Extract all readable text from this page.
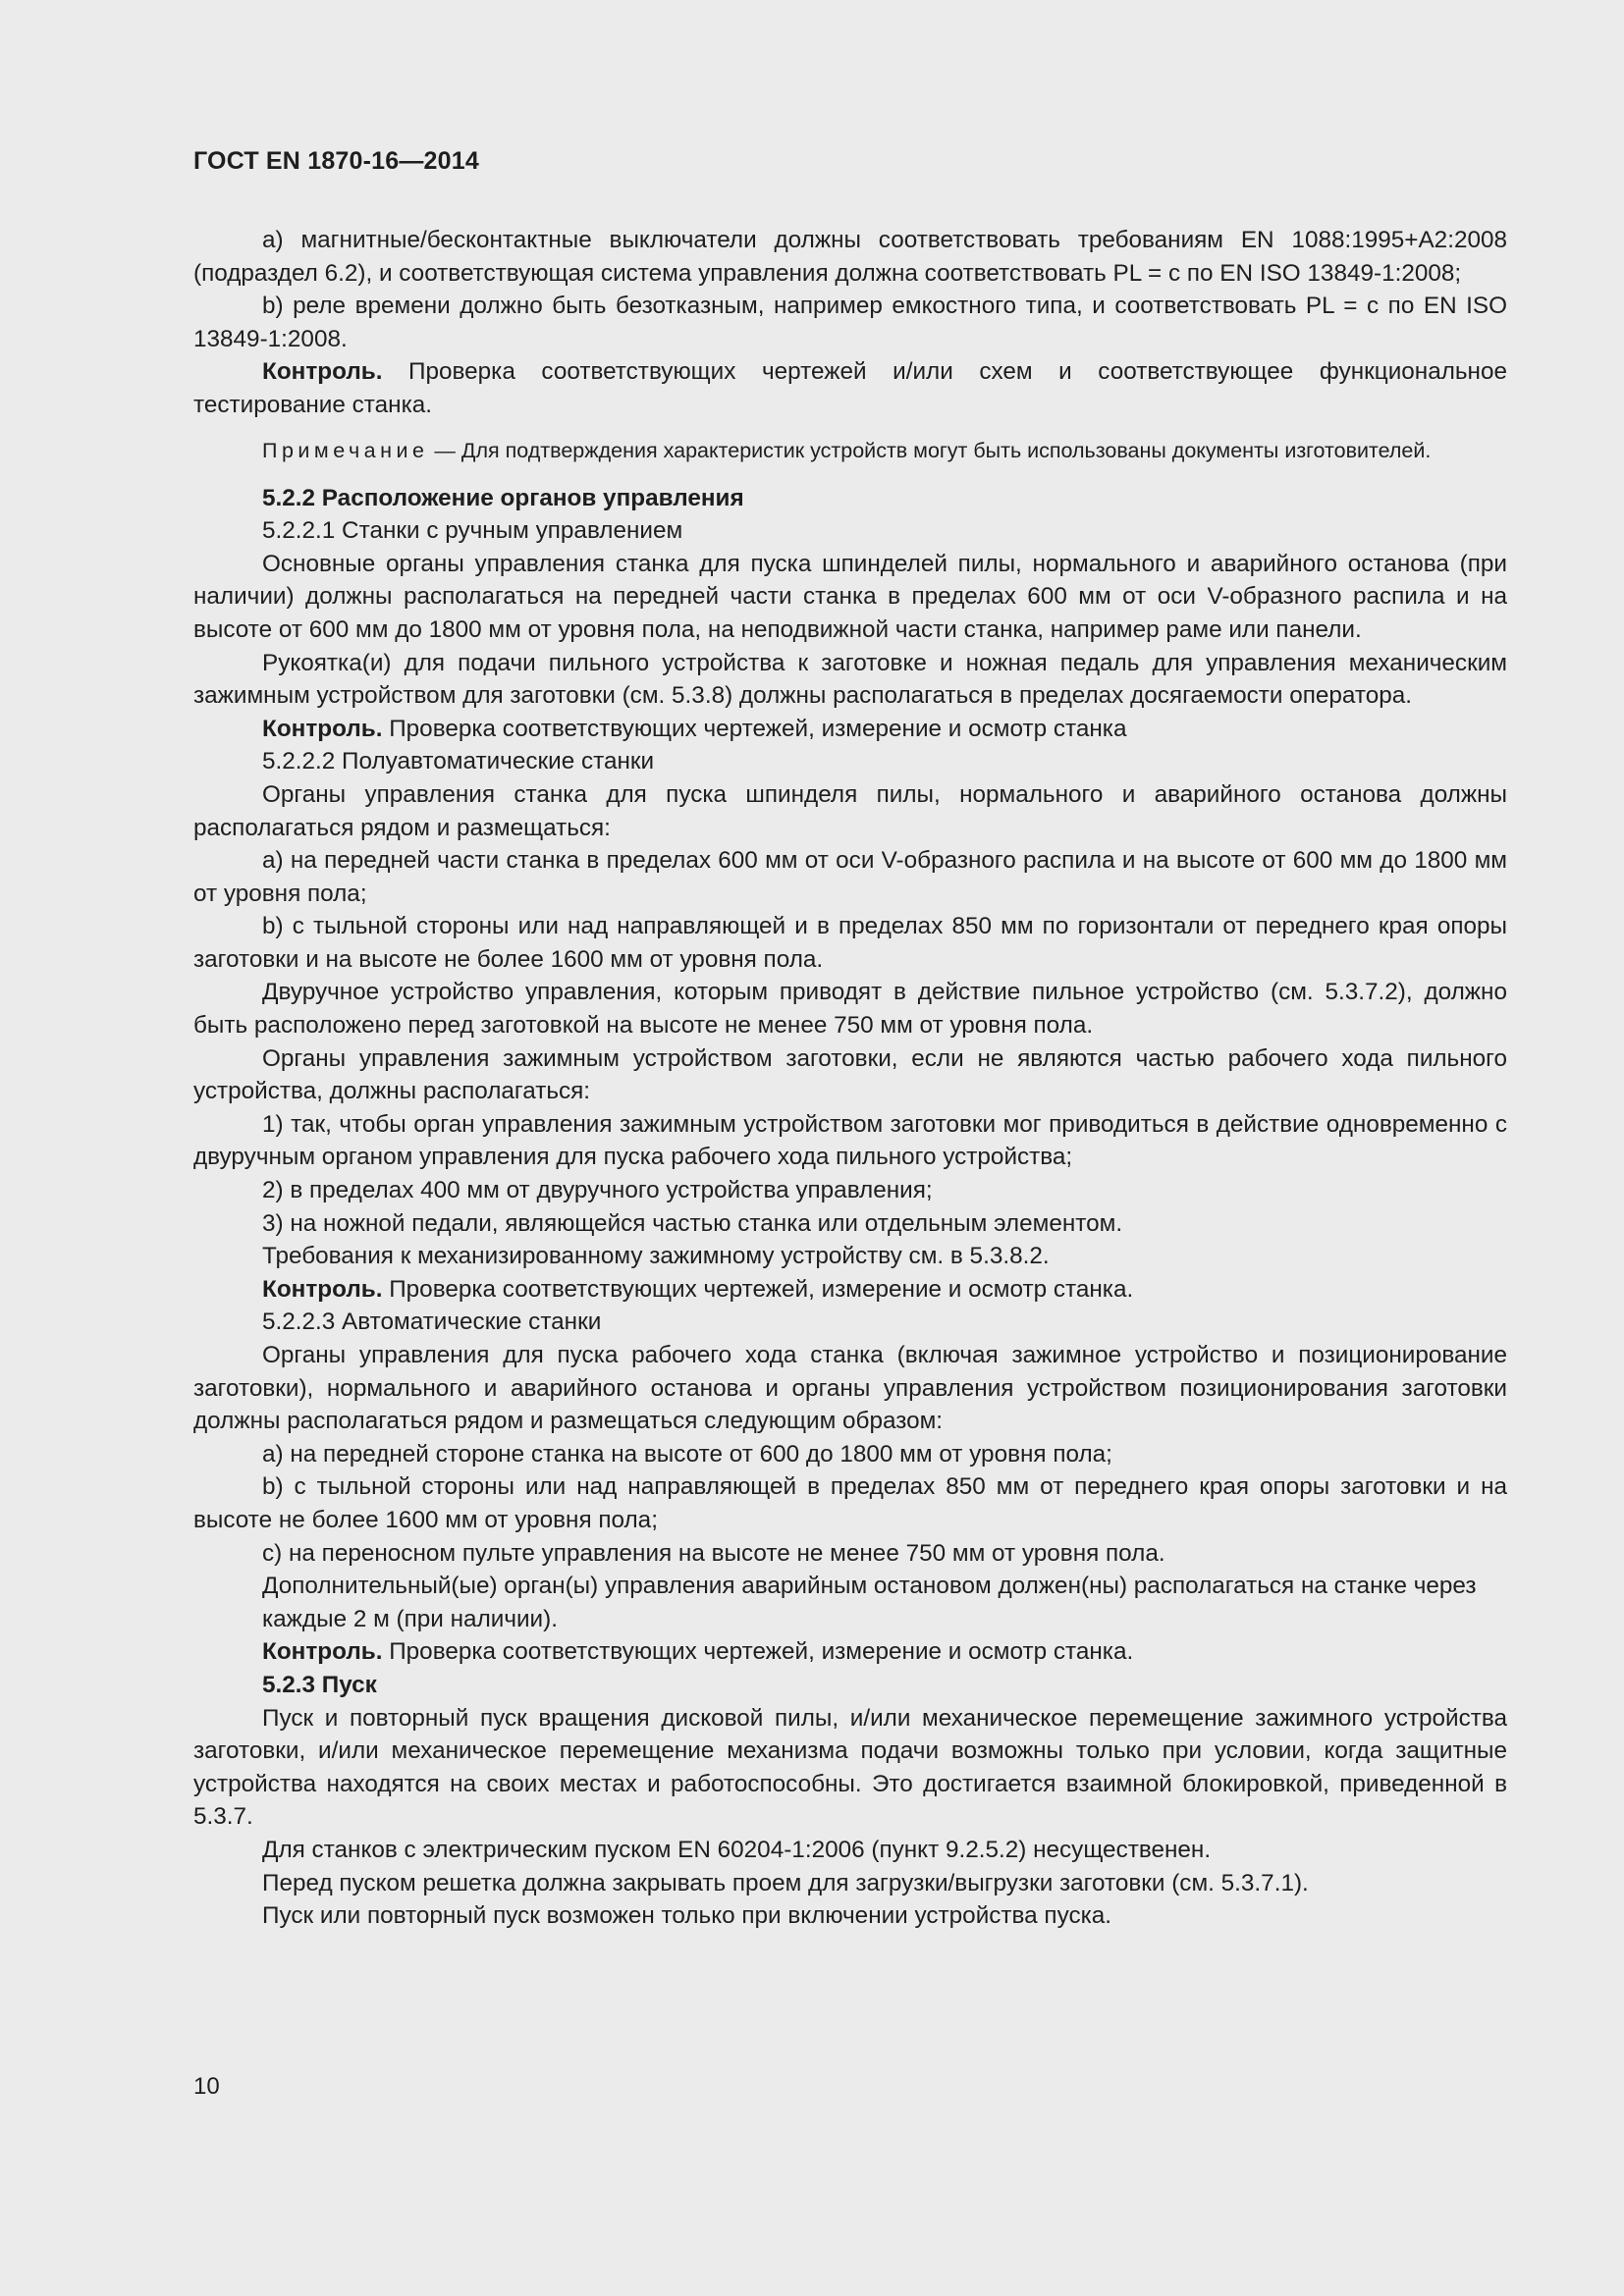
ГОСТ EN 1870-16—2014

a) магнитные/бесконтактные выключатели должны соответствовать требованиям EN 1088:1995+A2:2008 (подраздел 6.2), и соответствующая система управления должна соответствовать PL = c по EN ISO 13849-1:2008;

b) реле времени должно быть безотказным, например емкостного типа, и соответствовать PL = c по EN ISO 13849-1:2008.

Контроль. Проверка соответствующих чертежей и/или схем и соответствующее функциональное тестирование станка.

Примечание — Для подтверждения характеристик устройств могут быть использованы документы изготовителей.

5.2.2 Расположение органов управления

5.2.2.1 Станки с ручным управлением

Основные органы управления станка для пуска шпинделей пилы, нормального и аварийного останова (при наличии) должны располагаться на передней части станка в пределах 600 мм от оси V-образного распила и на высоте от 600 мм до 1800 мм от уровня пола, на неподвижной части станка, например раме или панели.

Рукоятка(и) для подачи пильного устройства к заготовке и ножная педаль для управления механическим зажимным устройством для заготовки (см. 5.3.8) должны располагаться в пределах досягаемости оператора.

Контроль. Проверка соответствующих чертежей, измерение и осмотр станка

5.2.2.2 Полуавтоматические станки

Органы управления станка для пуска шпинделя пилы, нормального и аварийного останова должны располагаться рядом и размещаться:

a) на передней части станка в пределах 600 мм от оси V-образного распила и на высоте от 600 мм до 1800 мм от уровня пола;

b) с тыльной стороны или над направляющей и в пределах 850 мм по горизонтали от переднего края опоры заготовки и на высоте не более 1600 мм от уровня пола.

Двуручное устройство управления, которым приводят в действие пильное устройство (см. 5.3.7.2), должно быть расположено перед заготовкой на высоте не менее 750 мм от уровня пола.

Органы управления зажимным устройством заготовки, если не являются частью рабочего хода пильного устройства, должны располагаться:

1) так, чтобы орган управления зажимным устройством заготовки мог приводиться в действие одновременно с двуручным органом управления для пуска рабочего хода пильного устройства;

2) в пределах 400 мм от двуручного устройства управления;

3) на ножной педали, являющейся частью станка или отдельным элементом.

Требования к механизированному зажимному устройству см. в 5.3.8.2.

Контроль. Проверка соответствующих чертежей, измерение и осмотр станка.

5.2.2.3 Автоматические станки

Органы управления для пуска рабочего хода станка (включая зажимное устройство и позиционирование заготовки), нормального и аварийного останова и органы управления устройством позиционирования заготовки должны располагаться рядом и размещаться следующим образом:

a) на передней стороне станка на высоте от 600 до 1800 мм от уровня пола;

b) с тыльной стороны или над направляющей в пределах 850 мм от переднего края опоры заготовки и на высоте не более 1600 мм от уровня пола;

c) на переносном пульте управления на высоте не менее 750 мм от уровня пола.

Дополнительный(ые) орган(ы) управления аварийным остановом должен(ны) располагаться на станке через каждые 2 м (при наличии).

Контроль. Проверка соответствующих чертежей, измерение и осмотр станка.

5.2.3 Пуск

Пуск и повторный пуск вращения дисковой пилы, и/или механическое перемещение зажимного устройства заготовки, и/или механическое перемещение механизма подачи возможны только при условии, когда защитные устройства находятся на своих местах и работоспособны. Это достигается взаимной блокировкой, приведенной в 5.3.7.

Для станков с электрическим пуском EN 60204-1:2006 (пункт 9.2.5.2) несущественен.

Перед пуском решетка должна закрывать проем для загрузки/выгрузки заготовки (см. 5.3.7.1).

Пуск или повторный пуск возможен только при включении устройства пуска.

10
